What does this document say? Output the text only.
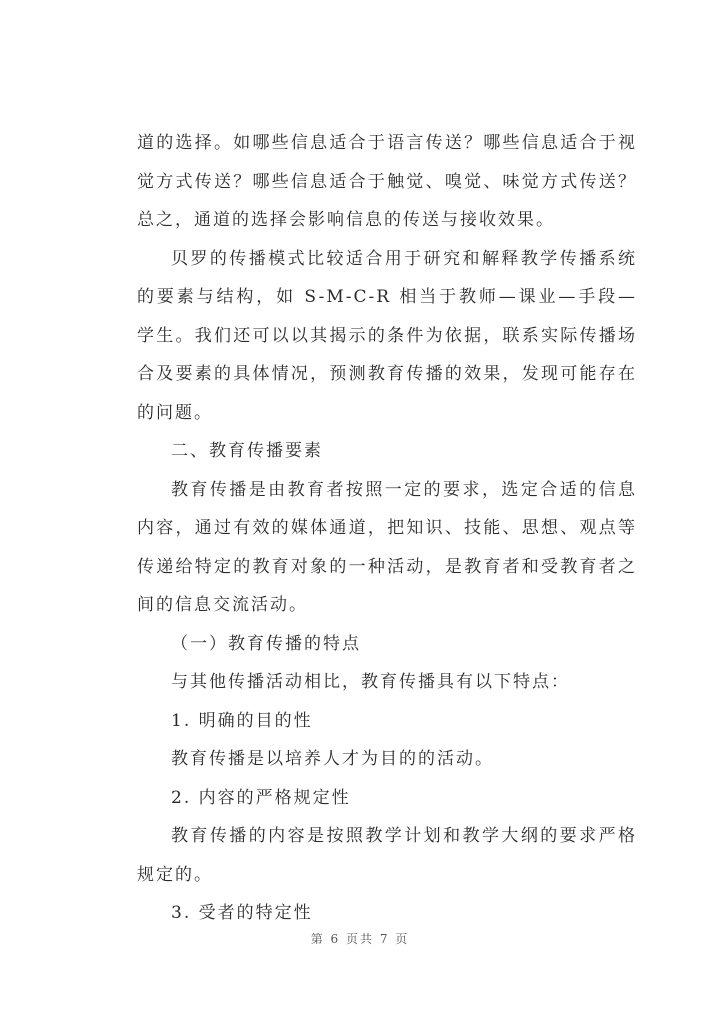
道的选择。如哪些信息适合于语言传送？哪些信息适合于视觉方式传送？哪些信息适合于触觉、嗅觉、味觉方式传送？总之，通道的选择会影响信息的传送与接收效果。

贝罗的传播模式比较适合用于研究和解释教学传播系统的要素与结构，如 S-M-C-R 相当于教师—课业—手段—学生。我们还可以以其揭示的条件为依据，联系实际传播场合及要素的具体情况，预测教育传播的效果，发现可能存在的问题。

二、教育传播要素

教育传播是由教育者按照一定的要求，选定合适的信息内容，通过有效的媒体通道，把知识、技能、思想、观点等传递给特定的教育对象的一种活动，是教育者和受教育者之间的信息交流活动。

（一）教育传播的特点

与其他传播活动相比，教育传播具有以下特点：

1. 明确的目的性

教育传播是以培养人才为目的的活动。

2. 内容的严格规定性

教育传播的内容是按照教学计划和教学大纲的要求严格规定的。

3. 受者的特定性

第 6 页共 7 页
